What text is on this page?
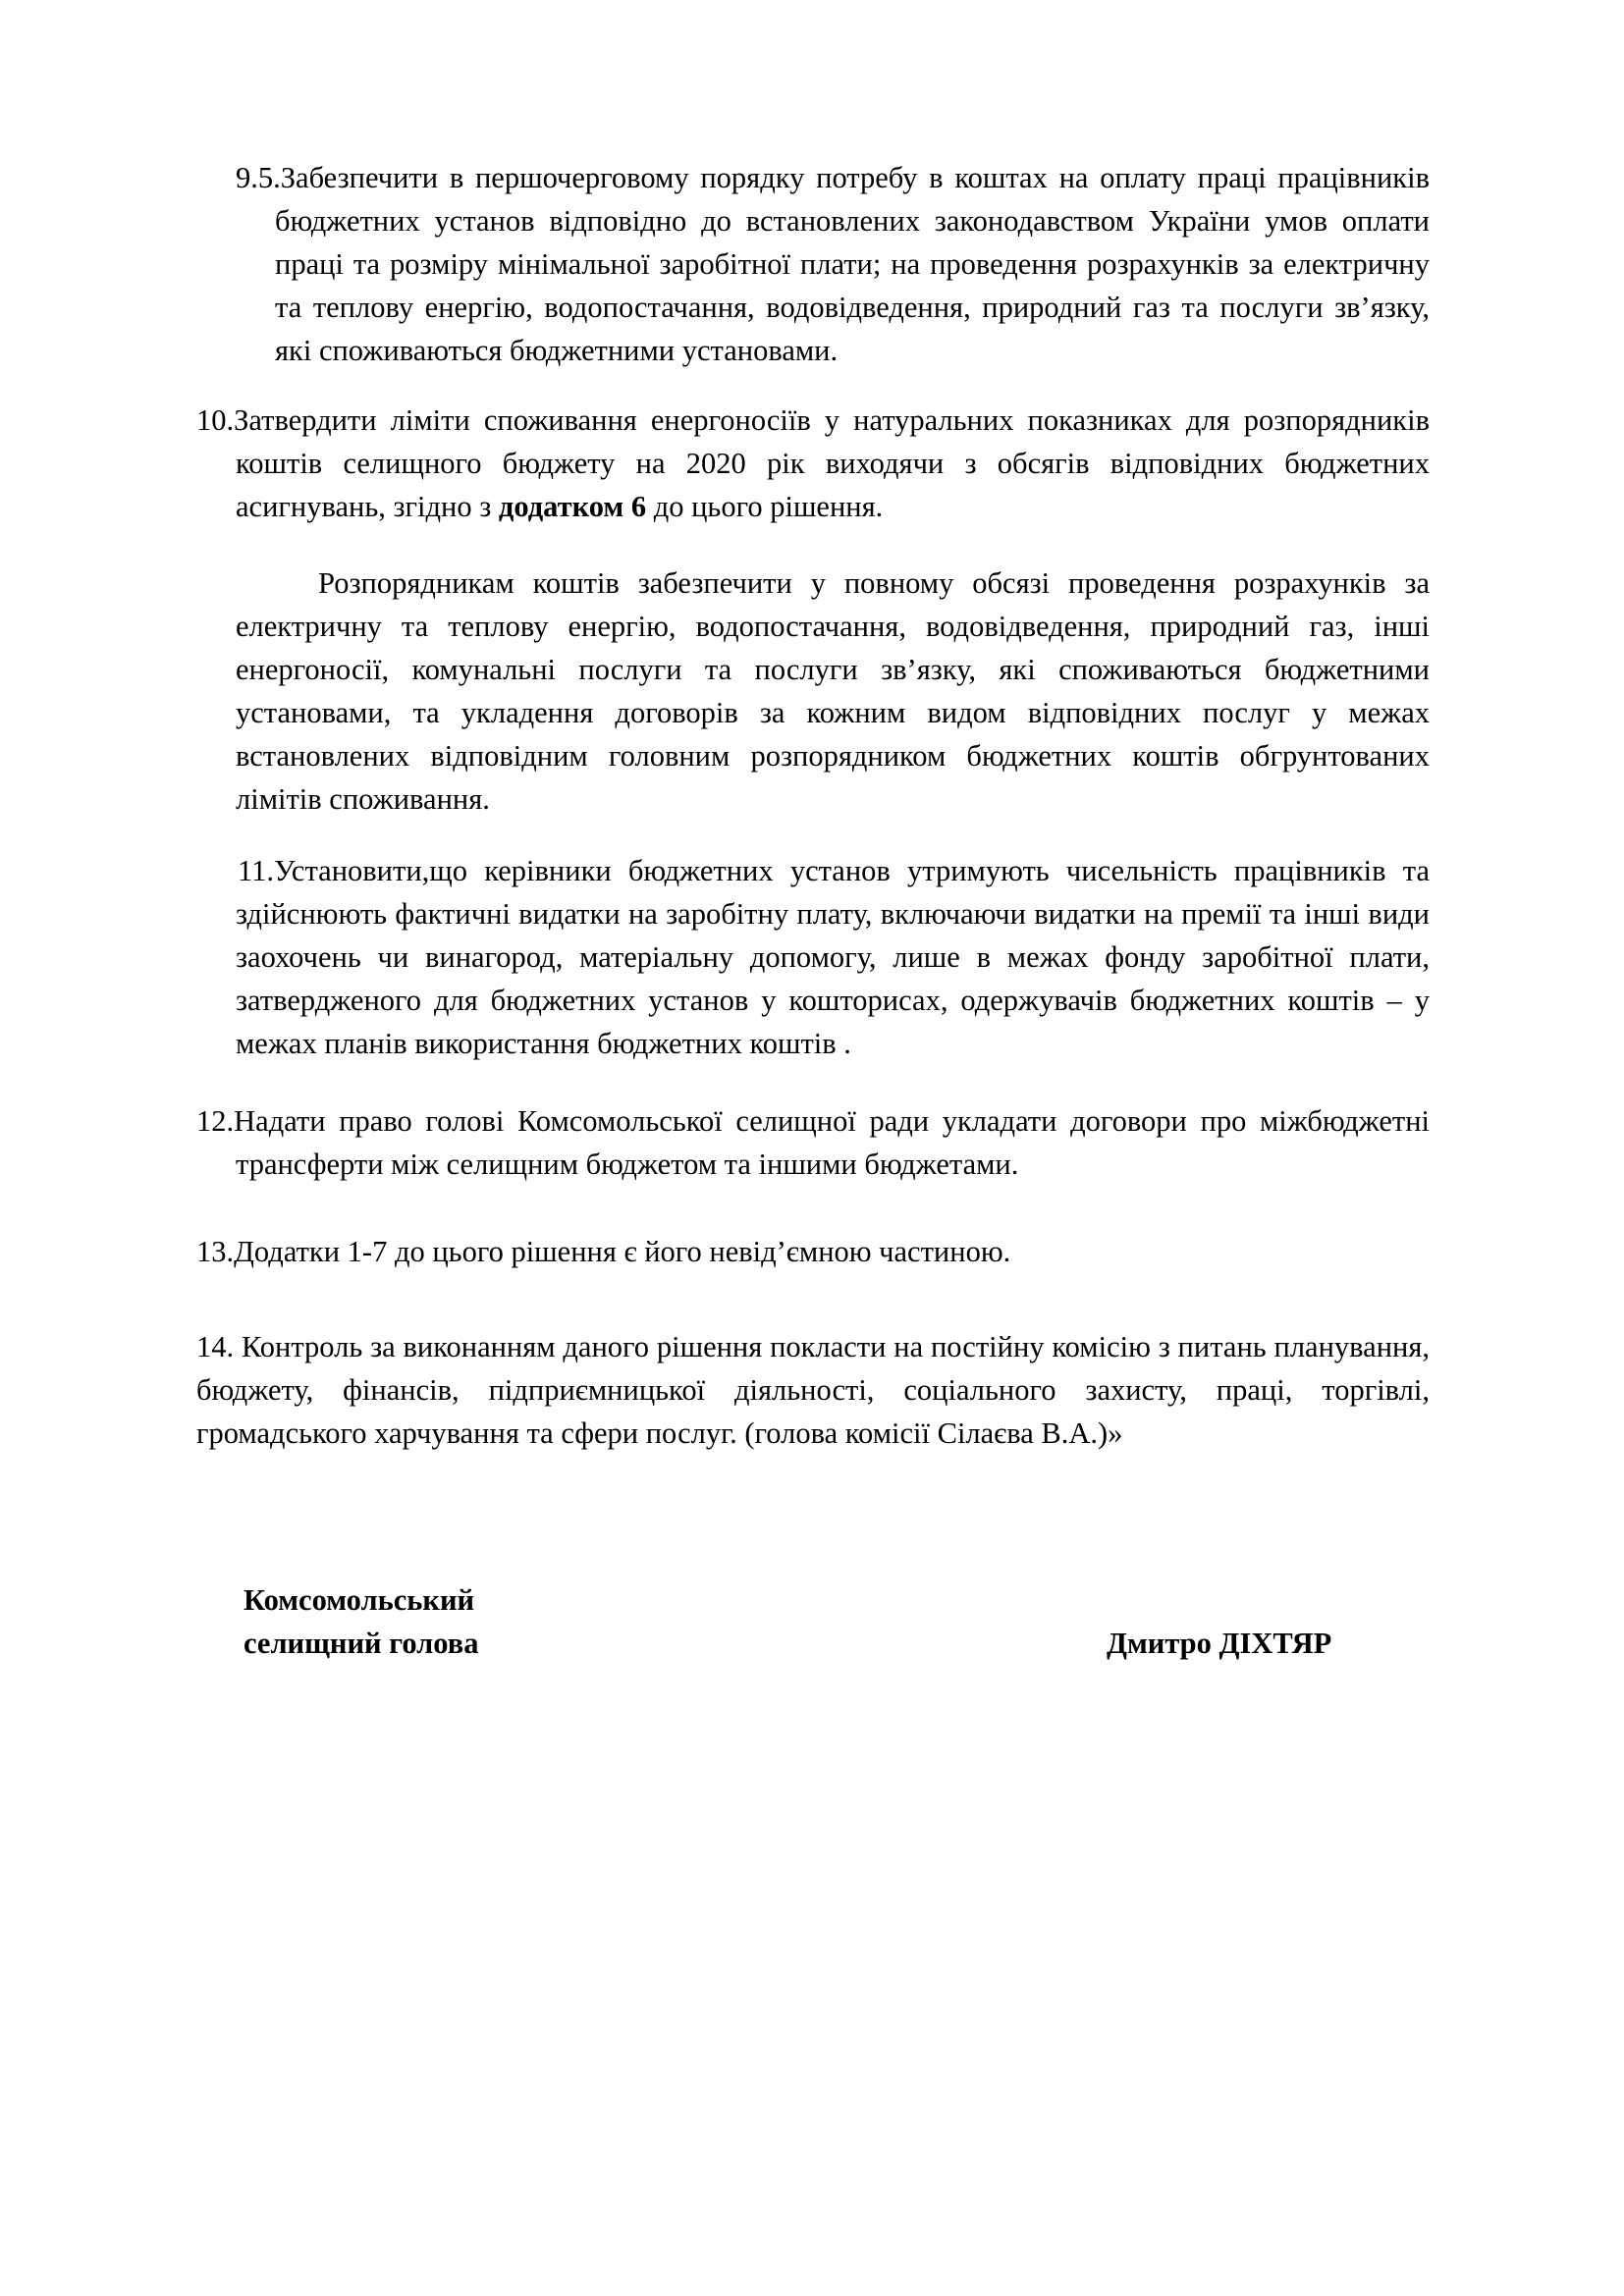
9.5.Забезпечити в першочерговому порядку потребу в коштах на оплату праці працівників бюджетних установ відповідно до встановлених законодавством України умов оплати праці та розміру мінімальної заробітної плати; на проведення розрахунків за електричну та теплову енергію, водопостачання, водовідведення, природний газ та послуги зв’язку, які споживаються бюджетними установами.

10.Затвердити ліміти споживання енергоносіїв у натуральних показниках для розпорядників коштів селищного бюджету на 2020 рік виходячи з обсягів відповідних бюджетних асигнувань, згідно з додатком 6 до цього рішення.

Розпорядникам коштів забезпечити у повному обсязі проведення розрахунків за електричну та теплову енергію, водопостачання, водовідведення, природний газ, інші енергоносії, комунальні послуги та послуги зв’язку, які споживаються бюджетними установами, та укладення договорів за кожним видом відповідних послуг у межах встановлених відповідним головним розпорядником бюджетних коштів обгрунтованих лімітів споживання.

11.Установити,що керівники бюджетних установ утримують чисельність працівників та здійснюють фактичні видатки на заробітну плату, включаючи видатки на премії та інші види заохочень чи винагород, матеріальну допомогу, лише в межах фонду заробітної плати, затвердженого для бюджетних установ у кошторисах, одержувачів бюджетних коштів – у межах планів використання бюджетних коштів .

12.Надати право голові Комсомольської селищної ради укладати договори про міжбюджетні трансферти між селищним бюджетом та іншими бюджетами.

13.Додатки 1-7 до цього рішення є його невід’ємною частиною.

14. Контроль за виконанням даного рішення покласти на постійну комісію з питань планування, бюджету, фінансів, підприємницької діяльності, соціального захисту, праці, торгівлі, громадського харчування та сфери послуг. (голова комісії Сілаєва В.А.)»

Комсомольський

селищний голова	Дмитро ДІХТЯР
